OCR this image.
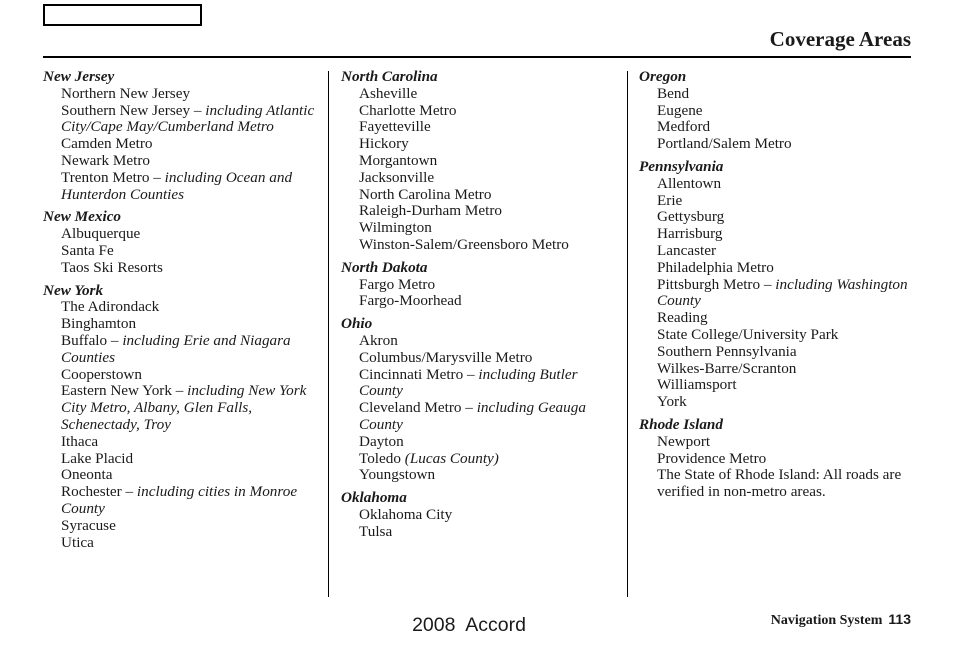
Coverage Areas
New Jersey
Northern New Jersey
Southern New Jersey – including Atlantic City/Cape May/Cumberland Metro
Camden Metro
Newark Metro
Trenton Metro – including Ocean and Hunterdon Counties
New Mexico
Albuquerque
Santa Fe
Taos Ski Resorts
New York
The Adirondack
Binghamton
Buffalo – including Erie and Niagara Counties
Cooperstown
Eastern New York – including New York City Metro, Albany, Glen Falls, Schenectady, Troy
Ithaca
Lake Placid
Oneonta
Rochester – including cities in Monroe County
Syracuse
Utica
North Carolina
Asheville
Charlotte Metro
Fayetteville
Hickory
Morgantown
Jacksonville
North Carolina Metro
Raleigh-Durham Metro
Wilmington
Winston-Salem/Greensboro Metro
North Dakota
Fargo Metro
Fargo-Moorhead
Ohio
Akron
Columbus/Marysville Metro
Cincinnati Metro – including Butler County
Cleveland Metro – including Geauga County
Dayton
Toledo (Lucas County)
Youngstown
Oklahoma
Oklahoma City
Tulsa
Oregon
Bend
Eugene
Medford
Portland/Salem Metro
Pennsylvania
Allentown
Erie
Gettysburg
Harrisburg
Lancaster
Philadelphia Metro
Pittsburgh Metro – including Washington County
Reading
State College/University Park
Southern Pennsylvania
Wilkes-Barre/Scranton
Williamsport
York
Rhode Island
Newport
Providence Metro
The State of Rhode Island: All roads are verified in non-metro areas.
Navigation System 113
2008  Accord
